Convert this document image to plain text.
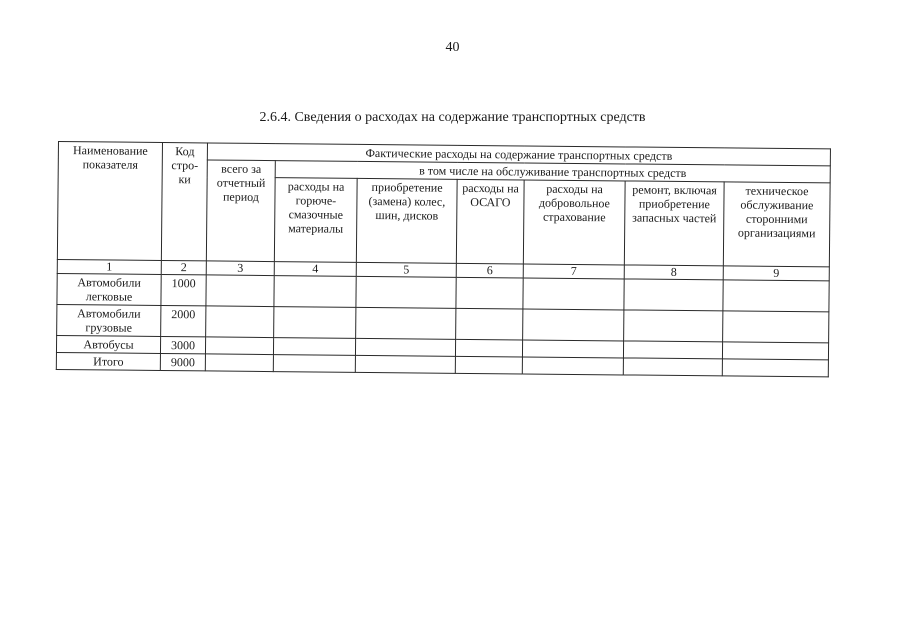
40
2.6.4. Сведения о расходах на содержание транспортных средств
Наименование показателя	Код стро-ки	Фактические расходы на содержание транспортных средств						
		всего за отчетный период	в том числе на обслуживание транспортных средств					
			расходы на горюче-смазочные материалы	приобретение (замена) колес, шин, дисков	расходы на ОСАГО	расходы на добровольное страхование	ремонт, включая приобретение запасных частей	техническое обслуживание сторонними организациями
1	2	3	4	5	6	7	8	9
Автомобили легковые	1000							
Автомобили грузовые	2000							
Автобусы	3000							
Итого	9000							
